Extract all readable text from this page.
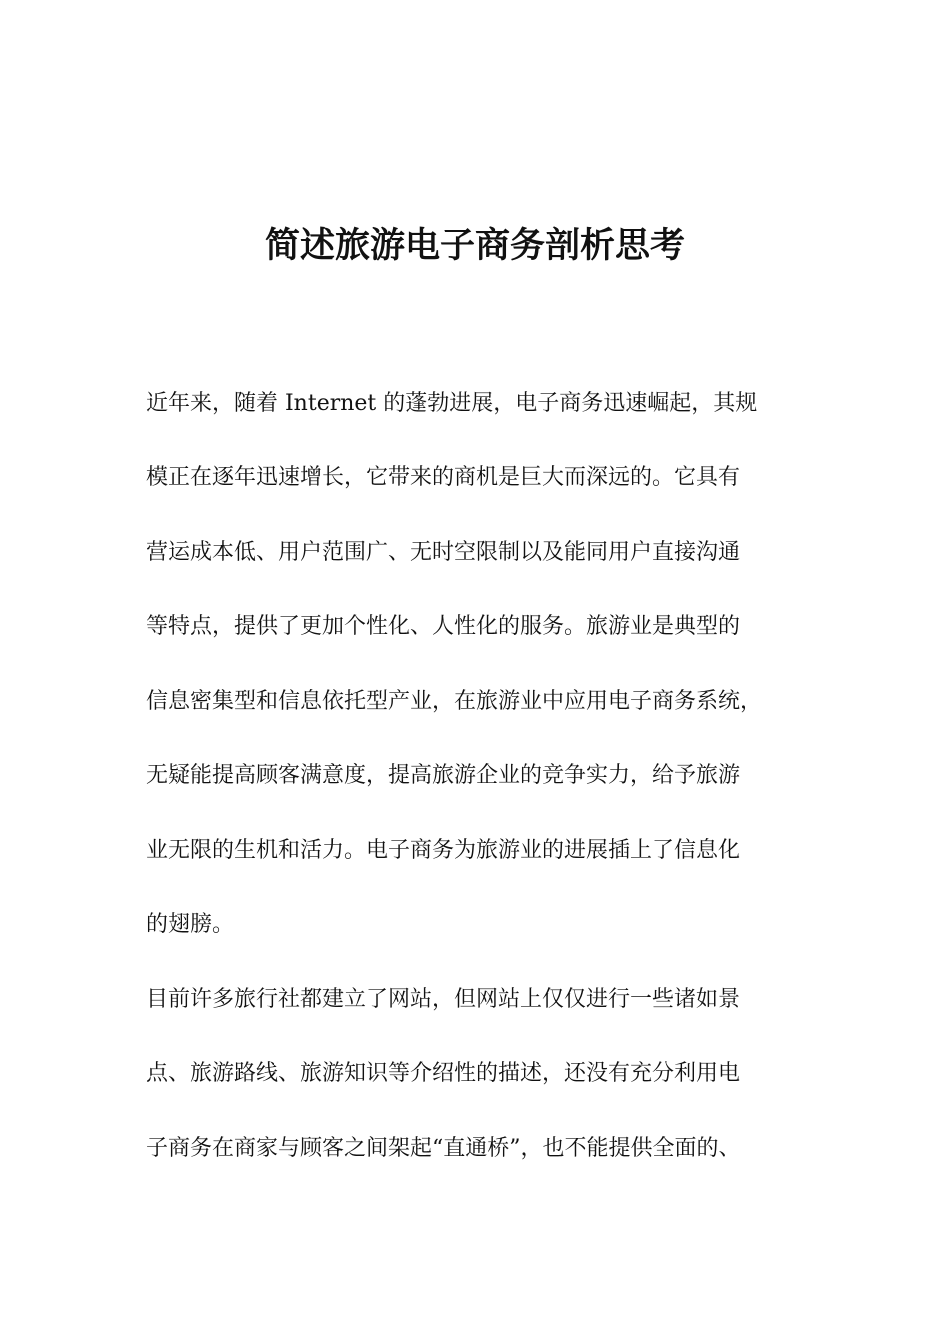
简述旅游电子商务剖析思考

近年来，随着 Internet 的蓬勃进展，电子商务迅速崛起，其规

模正在逐年迅速增长，它带来的商机是巨大而深远的。它具有

营运成本低、用户范围广、无时空限制以及能同用户直接沟通

等特点，提供了更加个性化、人性化的服务。旅游业是典型的

信息密集型和信息依托型产业，在旅游业中应用电子商务系统，

无疑能提高顾客满意度，提高旅游企业的竞争实力，给予旅游

业无限的生机和活力。电子商务为旅游业的进展插上了信息化

的翅膀。

目前许多旅行社都建立了网站，但网站上仅仅进行一些诸如景

点、旅游路线、旅游知识等介绍性的描述，还没有充分利用电

子商务在商家与顾客之间架起“直通桥”，也不能提供全面的、
